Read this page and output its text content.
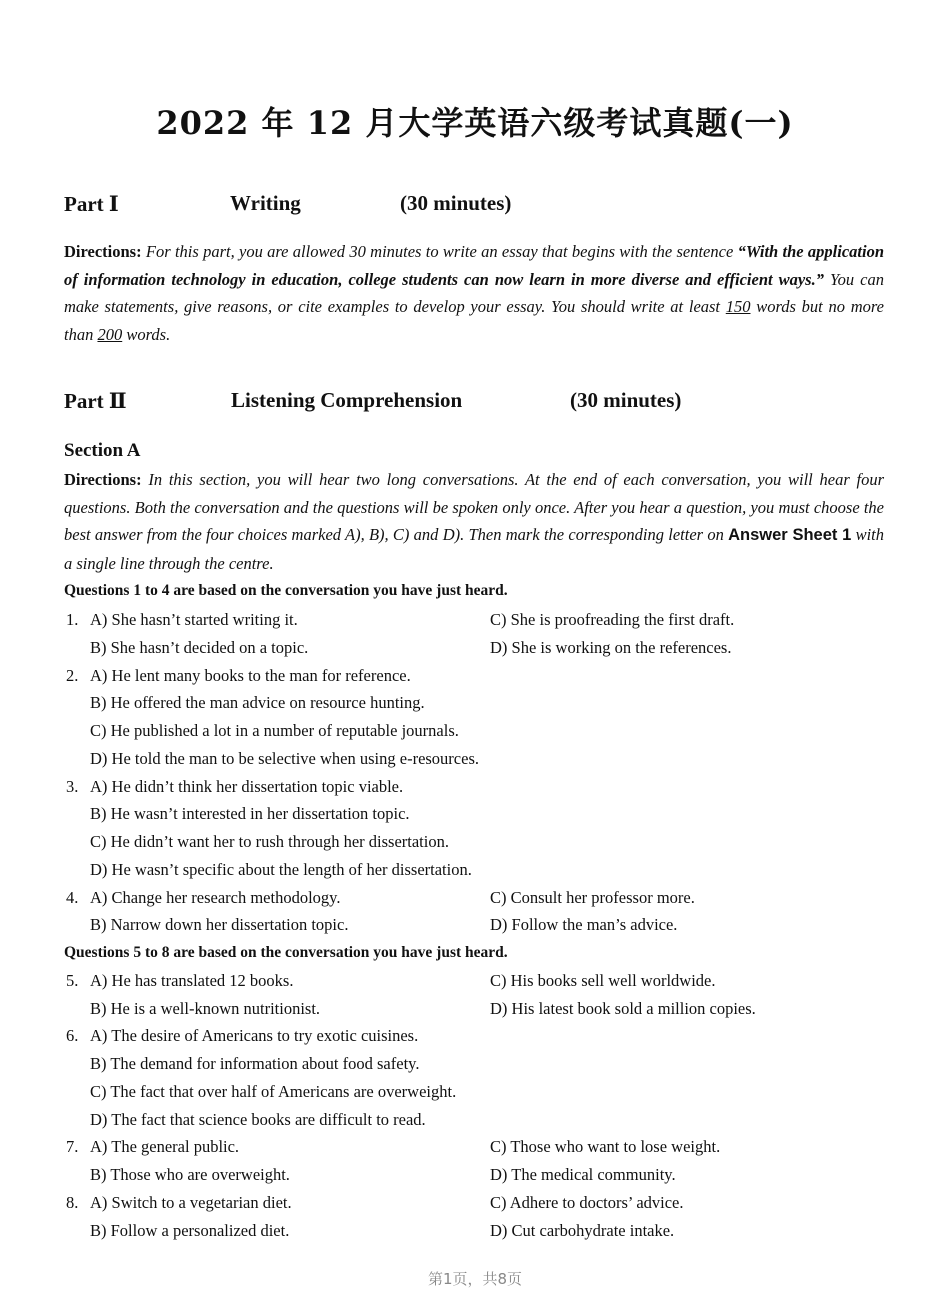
2022 年 12 月大学英语六级考试真题(一)
Part Ⅰ	Writing	(30 minutes)
Directions: For this part, you are allowed 30 minutes to write an essay that begins with the sentence “With the application of information technology in education, college students can now learn in more diverse and efficient ways.” You can make statements, give reasons, or cite examples to develop your essay. You should write at least 150 words but no more than 200 words.
Part Ⅱ	Listening Comprehension	(30 minutes)
Section A
Directions: In this section, you will hear two long conversations. At the end of each conversation, you will hear four questions. Both the conversation and the questions will be spoken only once. After you hear a question, you must choose the best answer from the four choices marked A), B), C) and D). Then mark the corresponding letter on Answer Sheet 1 with a single line through the centre.
Questions 1 to 4 are based on the conversation you have just heard.
1. A) She hasn’t started writing it.	C) She is proofreading the first draft.
B) She hasn’t decided on a topic.	D) She is working on the references.
2. A) He lent many books to the man for reference.
B) He offered the man advice on resource hunting.
C) He published a lot in a number of reputable journals.
D) He told the man to be selective when using e-resources.
3. A) He didn’t think her dissertation topic viable.
B) He wasn’t interested in her dissertation topic.
C) He didn’t want her to rush through her dissertation.
D) He wasn’t specific about the length of her dissertation.
4. A) Change her research methodology.	C) Consult her professor more.
B) Narrow down her dissertation topic.	D) Follow the man’s advice.
Questions 5 to 8 are based on the conversation you have just heard.
5. A) He has translated 12 books.	C) His books sell well worldwide.
B) He is a well-known nutritionist.	D) His latest book sold a million copies.
6. A) The desire of Americans to try exotic cuisines.
B) The demand for information about food safety.
C) The fact that over half of Americans are overweight.
D) The fact that science books are difficult to read.
7. A) The general public.	C) Those who want to lose weight.
B) Those who are overweight.	D) The medical community.
8. A) Switch to a vegetarian diet.	C) Adhere to doctors’ advice.
B) Follow a personalized diet.	D) Cut carbohydrate intake.
第1页，共8页
